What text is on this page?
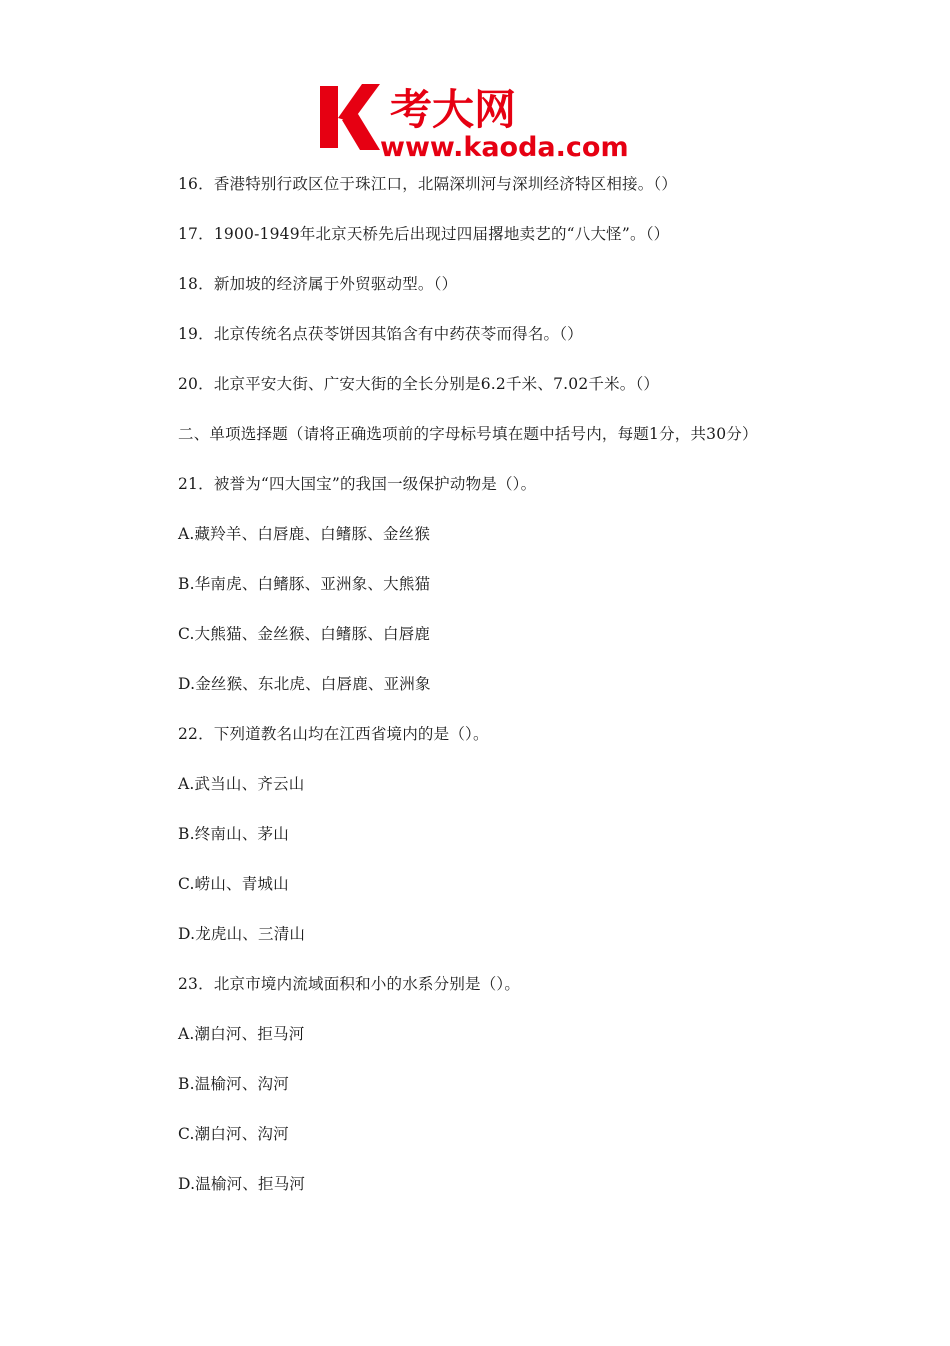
考大网
www.kaoda.com
16．香港特别行政区位于珠江口，北隔深圳河与深圳经济特区相接。（）
17．1900-1949年北京天桥先后出现过四届撂地卖艺的“八大怪”。（）
18．新加坡的经济属于外贸驱动型。（）
19．北京传统名点茯苓饼因其馅含有中药茯苓而得名。（）
20．北京平安大街、广安大街的全长分别是6.2千米、7.02千米。（）
二、单项选择题（请将正确选项前的字母标号填在题中括号内，每题1分，共30分）
21．被誉为“四大国宝”的我国一级保护动物是（）。
A.藏羚羊、白唇鹿、白鳍豚、金丝猴
B.华南虎、白鳍豚、亚洲象、大熊猫
C.大熊猫、金丝猴、白鳍豚、白唇鹿
D.金丝猴、东北虎、白唇鹿、亚洲象
22．下列道教名山均在江西省境内的是（）。
A.武当山、齐云山
B.终南山、茅山
C.崂山、青城山
D.龙虎山、三清山
23．北京市境内流域面积和小的水系分别是（）。
A.潮白河、拒马河
B.温榆河、沟河
C.潮白河、沟河
D.温榆河、拒马河
